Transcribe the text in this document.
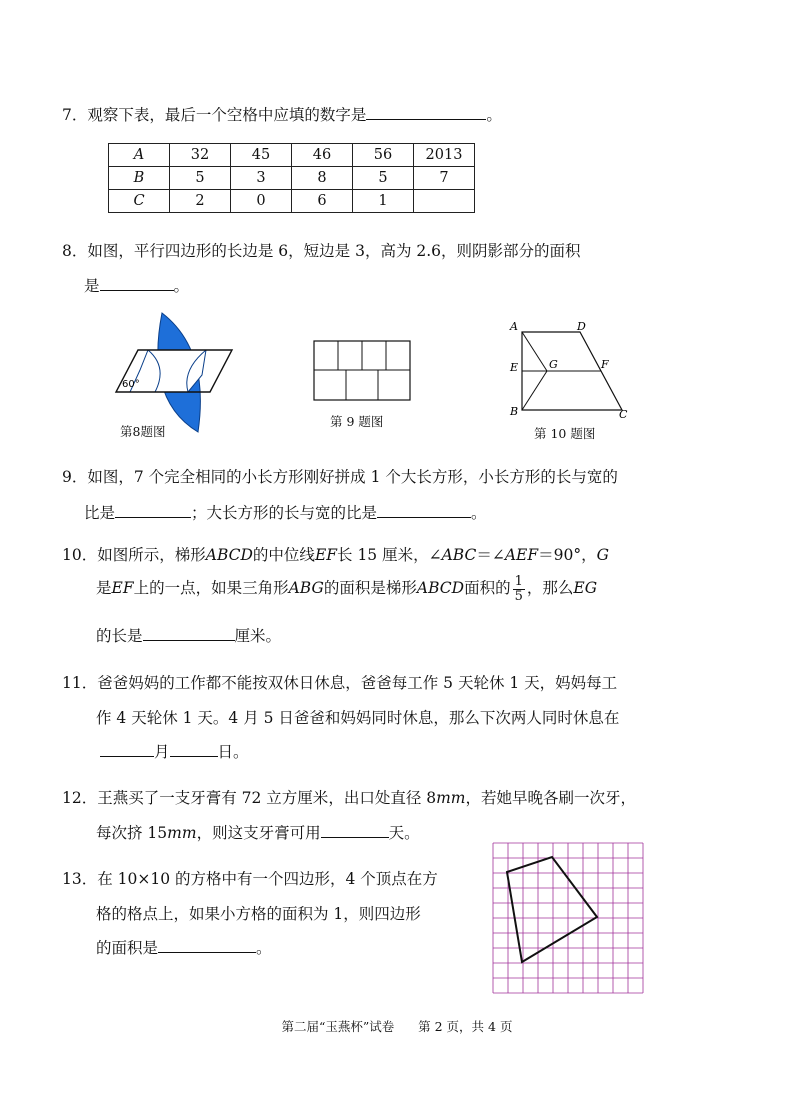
7．观察下表，最后一个空格中应填的数字是	。
A	32	45	46	56	2013
B	5	3	8	5	7
C	2	0	6	1	
8．如图，平行四边形的长边是 6，短边是 3，高为 2.6，则阴影部分的面积
是	。
60°
第8题图
第 9 题图
A	D
E	G	F
B	C
第 10 题图
9．如图，7 个完全相同的小长方形刚好拼成 1 个大长方形，小长方形的长与宽的
比是	；大长方形的长与宽的比是	。
10．如图所示，梯形ABCD的中位线EF长 15 厘米，∠ABC＝∠AEF＝90°，G
是EF上的一点，如果三角形ABG的面积是梯形ABCD面积的 $\frac{1}{5}$ ，那么EG
的长是	厘米。
11．爸爸妈妈的工作都不能按双休日休息，爸爸每工作 5 天轮休 1 天，妈妈每工
作 4 天轮休 1 天。4 月 5 日爸爸和妈妈同时休息，那么下次两人同时休息在
月	日。
12．王燕买了一支牙膏有 72 立方厘米，出口处直径 8mm，若她早晚各刷一次牙，
每次挤 15mm，则这支牙膏可用	天。
13．在 10×10 的方格中有一个四边形，4 个顶点在方
格的格点上，如果小方格的面积为 1，则四边形
的面积是	。
第二届“玉燕杯”试卷 第 2 页，共 4 页
